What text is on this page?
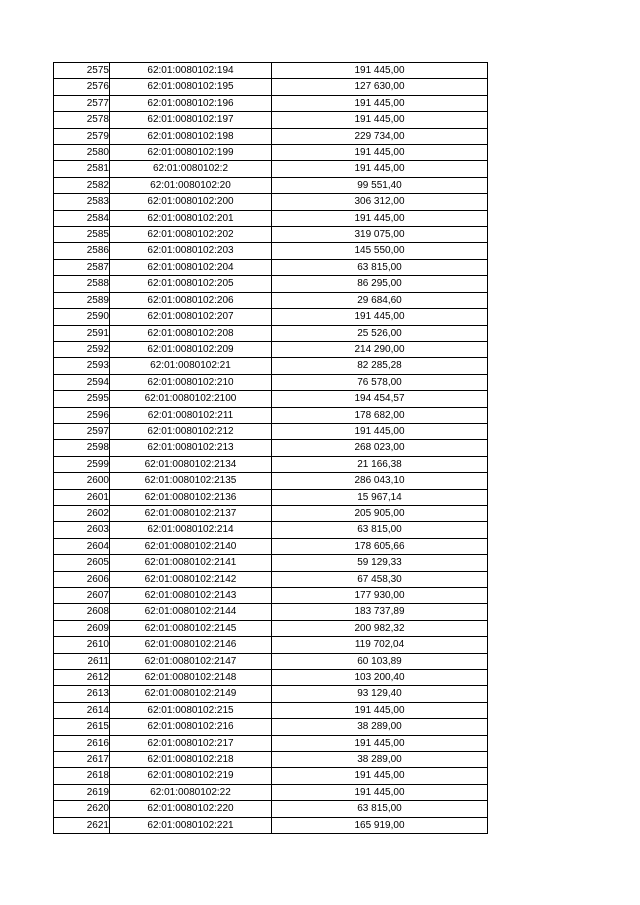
2575	62:01:0080102:194	191 445,00
2576	62:01:0080102:195	127 630,00
2577	62:01:0080102:196	191 445,00
2578	62:01:0080102:197	191 445,00
2579	62:01:0080102:198	229 734,00
2580	62:01:0080102:199	191 445,00
2581	62:01:0080102:2	191 445,00
2582	62:01:0080102:20	99 551,40
2583	62:01:0080102:200	306 312,00
2584	62:01:0080102:201	191 445,00
2585	62:01:0080102:202	319 075,00
2586	62:01:0080102:203	145 550,00
2587	62:01:0080102:204	63 815,00
2588	62:01:0080102:205	86 295,00
2589	62:01:0080102:206	29 684,60
2590	62:01:0080102:207	191 445,00
2591	62:01:0080102:208	25 526,00
2592	62:01:0080102:209	214 290,00
2593	62:01:0080102:21	82 285,28
2594	62:01:0080102:210	76 578,00
2595	62:01:0080102:2100	194 454,57
2596	62:01:0080102:211	178 682,00
2597	62:01:0080102:212	191 445,00
2598	62:01:0080102:213	268 023,00
2599	62:01:0080102:2134	21 166,38
2600	62:01:0080102:2135	286 043,10
2601	62:01:0080102:2136	15 967,14
2602	62:01:0080102:2137	205 905,00
2603	62:01:0080102:214	63 815,00
2604	62:01:0080102:2140	178 605,66
2605	62:01:0080102:2141	59 129,33
2606	62:01:0080102:2142	67 458,30
2607	62:01:0080102:2143	177 930,00
2608	62:01:0080102:2144	183 737,89
2609	62:01:0080102:2145	200 982,32
2610	62:01:0080102:2146	119 702,04
2611	62:01:0080102:2147	60 103,89
2612	62:01:0080102:2148	103 200,40
2613	62:01:0080102:2149	93 129,40
2614	62:01:0080102:215	191 445,00
2615	62:01:0080102:216	38 289,00
2616	62:01:0080102:217	191 445,00
2617	62:01:0080102:218	38 289,00
2618	62:01:0080102:219	191 445,00
2619	62:01:0080102:22	191 445,00
2620	62:01:0080102:220	63 815,00
2621	62:01:0080102:221	165 919,00
